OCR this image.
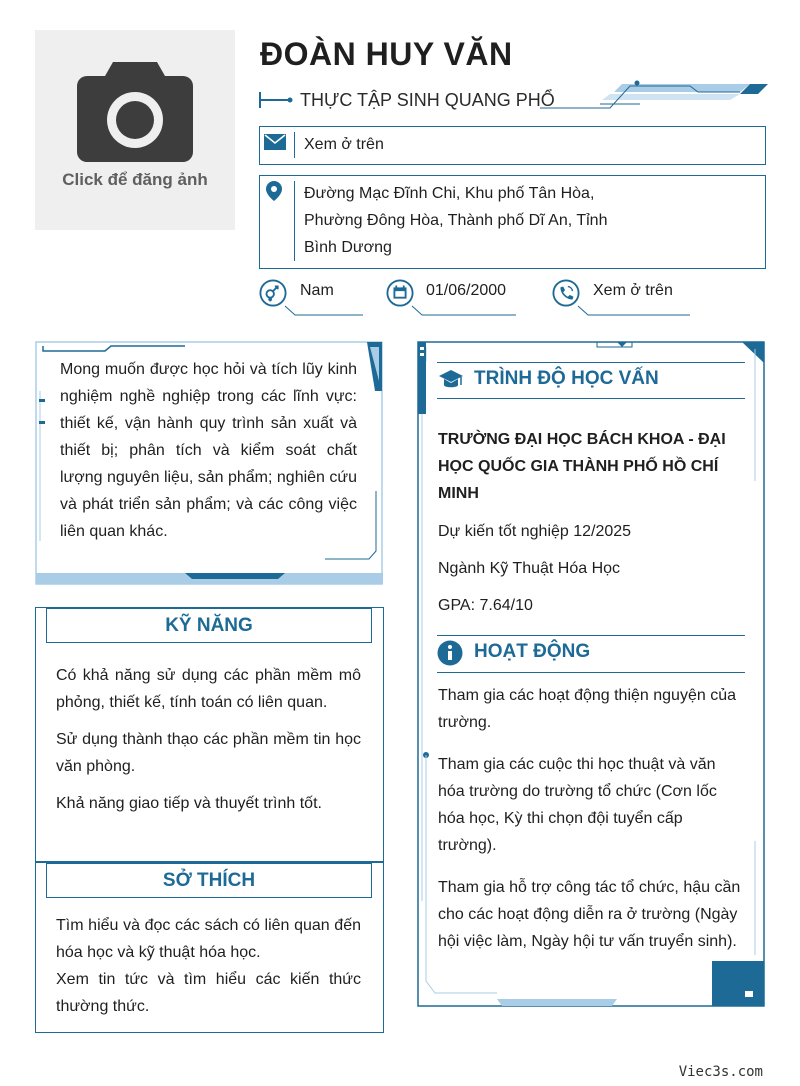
Click để đăng ảnh
ĐOÀN HUY VĂN
THỰC TẬP SINH QUANG PHỔ
Xem ở trên
Đường Mạc Đĩnh Chi, Khu phố Tân Hòa,
Phường Đông Hòa, Thành phố Dĩ An, Tỉnh
Bình Dương
Nam	01/06/2000	Xem ở trên

Mong muốn được học hỏi và tích lũy kinh nghiệm nghề nghiệp trong các lĩnh vực: thiết kế, vận hành quy trình sản xuất và thiết bị; phân tích và kiểm soát chất lượng nguyên liệu, sản phẩm; nghiên cứu và phát triển sản phẩm; và các công việc liên quan khác.

KỸ NĂNG

Có khả năng sử dụng các phần mềm mô phỏng, thiết kế, tính toán có liên quan.

Sử dụng thành thạo các phần mềm tin học văn phòng.

Khả năng giao tiếp và thuyết trình tốt.

SỞ THÍCH

Tìm hiểu và đọc các sách có liên quan đến hóa học và kỹ thuật hóa học.

Xem tin tức và tìm hiểu các kiến thức thường thức.

TRÌNH ĐỘ HỌC VẤN
TRƯỜNG ĐẠI HỌC BÁCH KHOA - ĐẠI HỌC QUỐC GIA THÀNH PHỐ HỒ CHÍ MINH
Dự kiến tốt nghiệp 12/2025
Ngành Kỹ Thuật Hóa Học
GPA: 7.64/10
HOẠT ĐỘNG
Tham gia các hoạt động thiện nguyện của trường.
Tham gia các cuộc thi học thuật và văn hóa trường do trường tổ chức (Cơn lốc hóa học, Kỳ thi chọn đội tuyển cấp trường).
Tham gia hỗ trợ công tác tổ chức, hậu cần cho các hoạt động diễn ra ở trường (Ngày hội việc làm, Ngày hội tư vấn truyển sinh).
Viec3s.com
